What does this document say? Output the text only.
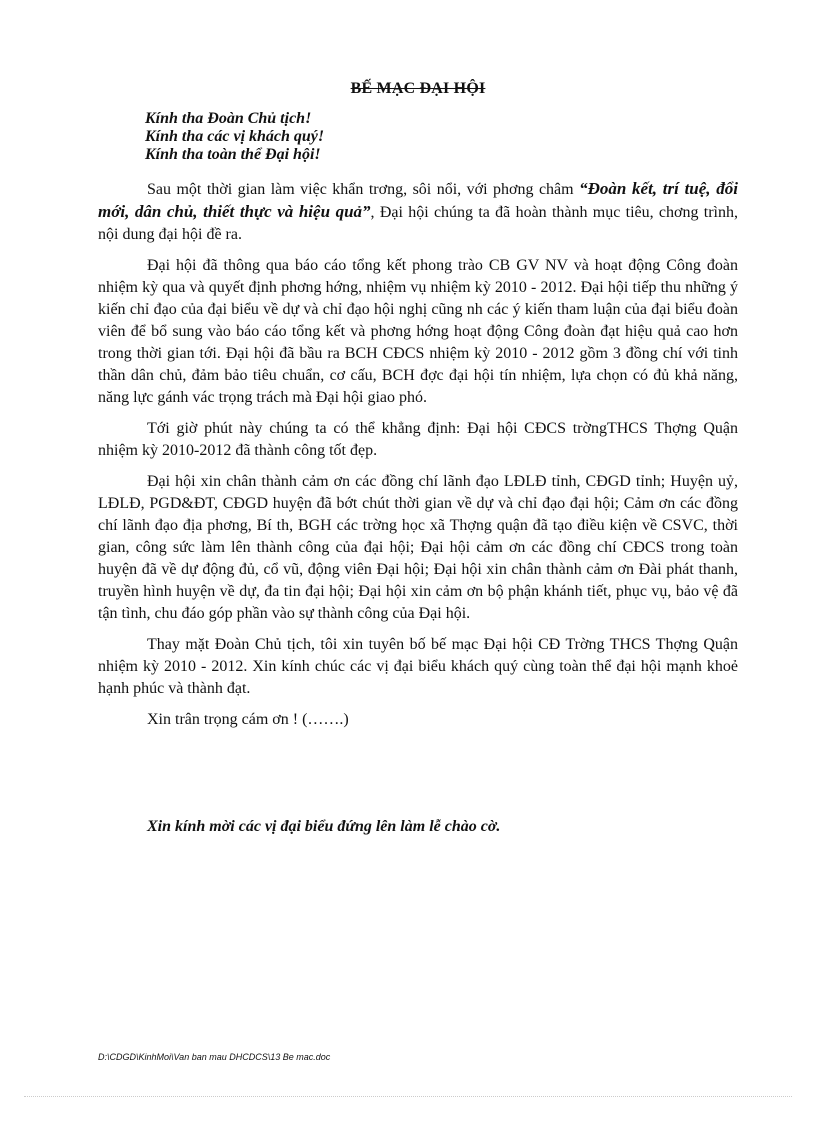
BẾ MẠC ĐẠI HỘI
Kính tha Đoàn Chủ tịch!
Kính tha các vị khách quý!
Kính tha toàn thể Đại hội!

Sau một thời gian làm việc khẩn trơng, sôi nổi, với phơng châm “Đoàn kết, trí tuệ, đổi mới, dân chủ, thiết thực và hiệu quả”, Đại hội chúng ta đã hoàn thành mục tiêu, chơng trình, nội dung đại hội đề ra.

Đại hội đã thông qua báo cáo tổng kết phong trào CB GV NV và hoạt động Công đoàn nhiệm kỳ qua và quyết định phơng hớng, nhiệm vụ nhiệm kỳ 2010 - 2012. Đại hội tiếp thu những ý kiến chỉ đạo của đại biểu về dự và chỉ đạo hội nghị cũng nh các ý kiến tham luận của đại biểu đoàn viên để bổ sung vào báo cáo tổng kết và phơng hớng hoạt động Công đoàn đạt hiệu quả cao hơn trong thời gian tới. Đại hội đã bầu ra BCH CĐCS nhiệm kỳ 2010 - 2012 gồm 3 đồng chí với tinh thần dân chủ, đảm bảo tiêu chuẩn, cơ cấu, BCH đợc đại hội tín nhiệm, lựa chọn có đủ khả năng, năng lực gánh vác trọng trách mà Đại hội giao phó.

Tới giờ phút này chúng ta có thể khẳng định: Đại hội CĐCS trờngTHCS Thợng Quận nhiệm kỳ 2010-2012 đã thành công tốt đẹp.

Đại hội xin chân thành cảm ơn các đồng chí lãnh đạo LĐLĐ tỉnh, CĐGD tỉnh; Huyện uỷ, LĐLĐ, PGD&ĐT, CĐGD huyện đã bớt chút thời gian về dự và chỉ đạo đại hội; Cảm ơn các đồng chí lãnh đạo địa phơng, Bí th, BGH các trờng học xã Thợng quận đã tạo điều kiện về CSVC, thời gian, công sức làm lên thành công của đại hội; Đại hội cảm ơn các đồng chí CĐCS trong toàn huyện đã về dự động đủ, cổ vũ, động viên Đại hội; Đại hội xin chân thành cảm ơn Đài phát thanh, truyền hình huyện về dự, đa tin đại hội; Đại hội xin cảm ơn bộ phận khánh tiết, phục vụ, bảo vệ đã tận tình, chu đáo góp phần vào sự thành công của Đại hội.

Thay mặt Đoàn Chủ tịch, tôi xin tuyên bố bế mạc Đại hội CĐ Trờng THCS Thợng Quận nhiệm kỳ 2010 - 2012. Xin kính chúc các vị đại biểu khách quý cùng toàn thể đại hội mạnh khoẻ hạnh phúc và thành đạt.

Xin trân trọng cám ơn ! (…….)

Xin kính mời các vị đại biểu đứng lên làm lễ chào cờ.
D:\CDGD\KinhMoi\Van ban mau DHCDCS\13 Be mac.doc
